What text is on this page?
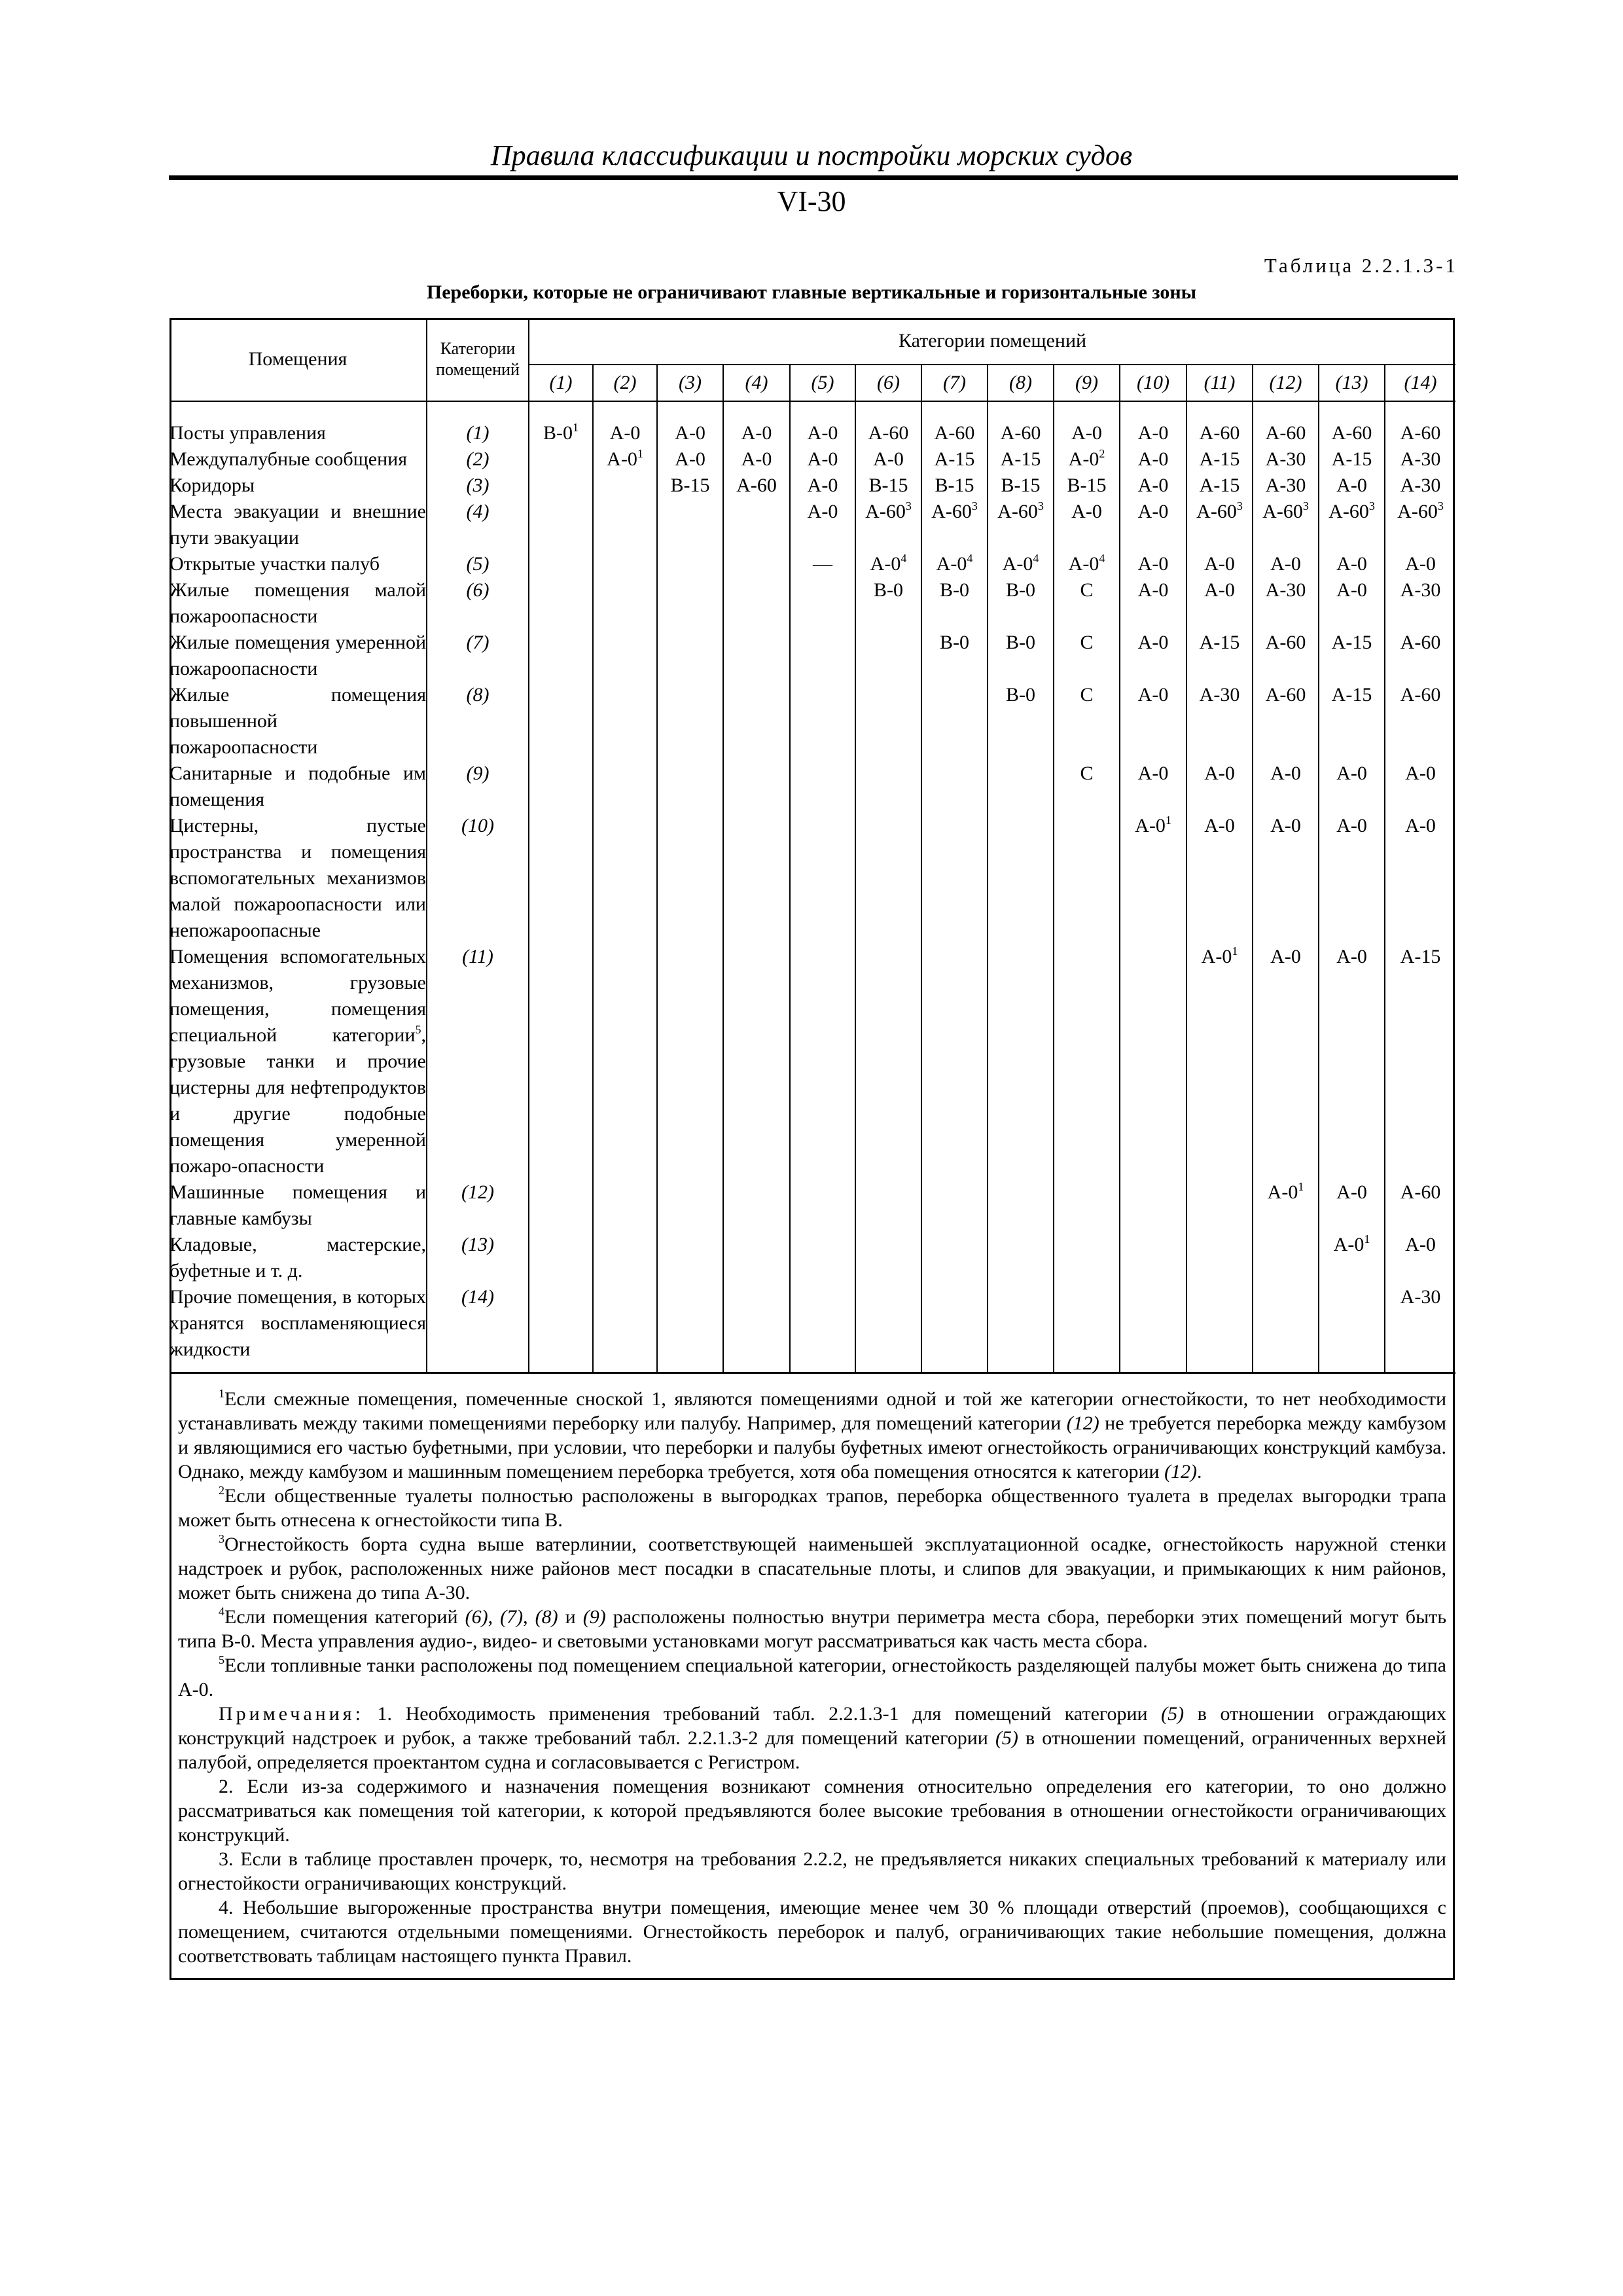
Правила классификации и постройки морских судов
VI-30
Таблица 2.2.1.3-1
Переборки, которые не ограничивают главные вертикальные и горизонтальные зоны
Помещения	Категории помещений	Категории помещений													
		(1)	(2)	(3)	(4)	(5)	(6)	(7)	(8)	(9)	(10)	(11)	(12)	(13)	(14)
Посты управления	(1)	$B-0^1$	A-0	A-0	A-0	A-0	A-60	A-60	A-60	A-0	A-0	A-60	A-60	A-60	A-60
Междупалубные сообщения	(2)		$A-0^1$	A-0	A-0	A-0	A-0	A-15	A-15	$A-0^2$	A-0	A-15	A-30	A-15	A-30
Коридоры	(3)			B-15	A-60	A-0	B-15	B-15	B-15	B-15	A-0	A-15	A-30	A-0	A-30
Места эвакуации и внешние пути эвакуации	(4)					A-0	$A-60^3$	$A-60^3$	$A-60^3$	A-0	A-0	$A-60^3$	$A-60^3$	$A-60^3$	$A-60^3$
Открытые участки палуб	(5)					—	$A-0^4$	$A-0^4$	$A-0^4$	$A-0^4$	A-0	A-0	A-0	A-0	A-0
Жилые помещения малой пожароопасности	(6)						B-0	B-0	B-0	C	A-0	A-0	A-30	A-0	A-30
Жилые помещения умеренной пожароопасности	(7)							B-0	B-0	C	A-0	A-15	A-60	A-15	A-60
Жилые помещения повышенной пожароопасности	(8)								B-0	C	A-0	A-30	A-60	A-15	A-60
Санитарные и подобные им помещения	(9)									C	A-0	A-0	A-0	A-0	A-0
Цистерны, пустые пространства и помещения вспомогательных механизмов малой пожароопасности или непожароопасные	(10)										$A-0^1$	A-0	A-0	A-0	A-0
Помещения вспомогательных механизмов, грузовые помещения, помещения специальной категории$^5$, грузовые танки и прочие цистерны для нефтепродуктов и другие подобные помещения умеренной пожаро-опасности	(11)											$A-0^1$	A-0	A-0	A-15
Машинные помещения и главные камбузы	(12)												$A-0^1$	A-0	A-60
Кладовые, мастерские, буфетные и т. д.	(13)													$A-0^1$	A-0
Прочие помещения, в которых хранятся воспламеняющиеся жидкости	(14)														A-30

$^1$Если смежные помещения, помеченные сноской 1, являются помещениями одной и той же категории огнестойкости, то нет необходимости устанавливать между такими помещениями переборку или палубу. Например, для помещений категории (12) не требуется переборка между камбузом и являющимися его частью буфетными, при условии, что переборки и палубы буфетных имеют огнестойкость ограничивающих конструкций камбуза. Однако, между камбузом и машинным помещением переборка требуется, хотя оба помещения относятся к категории (12).

$^2$Если общественные туалеты полностью расположены в выгородках трапов, переборка общественного туалета в пределах выгородки трапа может быть отнесена к огнестойкости типа B.

$^3$Огнестойкость борта судна выше ватерлинии, соответствующей наименьшей эксплуатационной осадке, огнестойкость наружной стенки надстроек и рубок, расположенных ниже районов мест посадки в спасательные плоты, и слипов для эвакуации, и примыкающих к ним районов, может быть снижена до типа A-30.

$^4$Если помещения категорий (6), (7), (8) и (9) расположены полностью внутри периметра места сбора, переборки этих помещений могут быть типа B-0. Места управления аудио-, видео- и световыми установками могут рассматриваться как часть места сбора.

$^5$Если топливные танки расположены под помещением специальной категории, огнестойкость разделяющей палубы может быть снижена до типа A-0.

Примечания: 1. Необходимость применения требований табл. 2.2.1.3-1 для помещений категории (5) в отношении ограждающих конструкций надстроек и рубок, а также требований табл. 2.2.1.3-2 для помещений категории (5) в отношении помещений, ограниченных верхней палубой, определяется проектантом судна и согласовывается с Регистром.

2. Если из-за содержимого и назначения помещения возникают сомнения относительно определения его категории, то оно должно рассматриваться как помещения той категории, к которой предъявляются более высокие требования в отношении огнестойкости ограничивающих конструкций.

3. Если в таблице проставлен прочерк, то, несмотря на требования 2.2.2, не предъявляется никаких специальных требований к материалу или огнестойкости ограничивающих конструкций.

4. Небольшие выгороженные пространства внутри помещения, имеющие менее чем 30 % площади отверстий (проемов), сообщающихся с помещением, считаются отдельными помещениями. Огнестойкость переборок и палуб, ограничивающих такие небольшие помещения, должна соответствовать таблицам настоящего пункта Правил.
